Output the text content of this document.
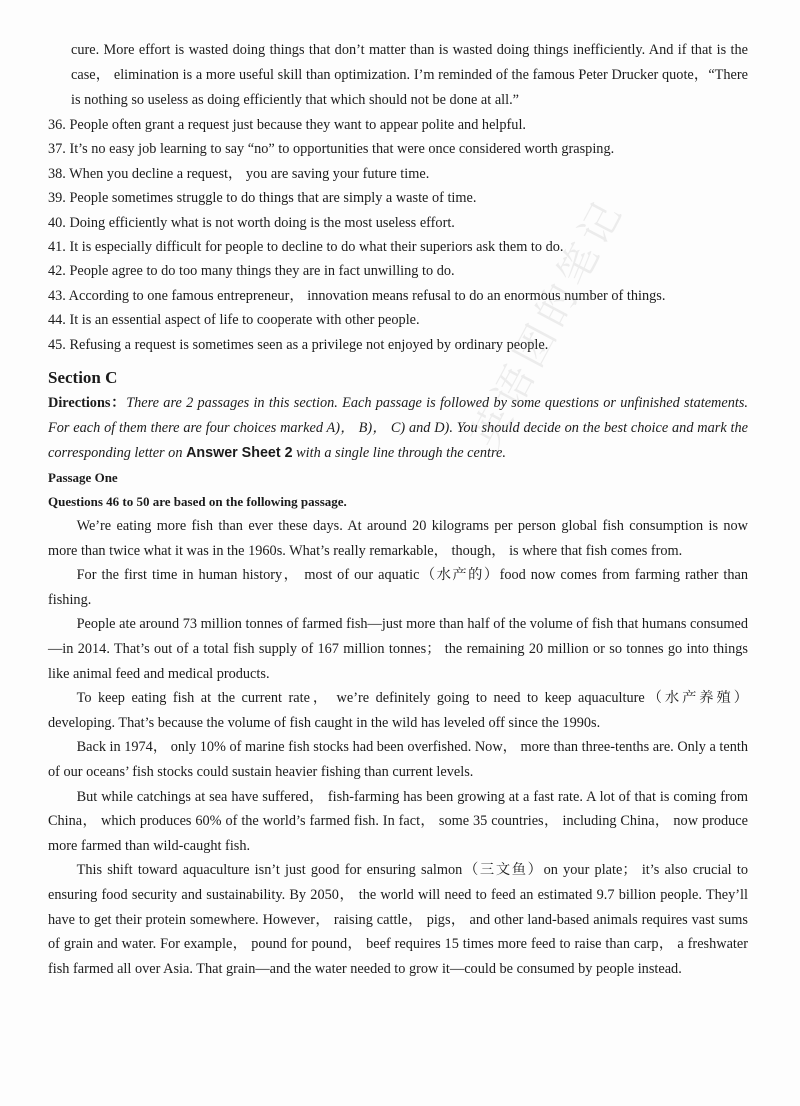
cure. More effort is wasted doing things that don’t matter than is wasted doing things inefficiently. And if that is the case， elimination is a more useful skill than optimization. I’m reminded of the famous Peter Drucker quote，“There is nothing so useless as doing efficiently that which should not be done at all.”

36. People often grant a request just because they want to appear polite and helpful.

37. It’s no easy job learning to say “no” to opportunities that were once considered worth grasping.

38. When you decline a request， you are saving your future time.

39. People sometimes struggle to do things that are simply a waste of time.

40. Doing efficiently what is not worth doing is the most useless effort.

41. It is especially difficult for people to decline to do what their superiors ask them to do.

42. People agree to do too many things they are in fact unwilling to do.

43. According to one famous entrepreneur， innovation means refusal to do an enormous number of things.

44. It is an essential aspect of life to cooperate with other people.

45. Refusing a request is sometimes seen as a privilege not enjoyed by ordinary people.

Section C

Directions：There are 2 passages in this section. Each passage is followed by some questions or unfinished statements. For each of them there are four choices marked A)， B)， C) and D). You should decide on the best choice and mark the corresponding letter on Answer Sheet 2 with a single line through the centre.

Passage One

Questions 46 to 50 are based on the following passage.

We’re eating more fish than ever these days. At around 20 kilograms per person global fish consumption is now more than twice what it was in the 1960s. What’s really remarkable， though， is where that fish comes from.

For the first time in human history， most of our aquatic（水产的）food now comes from farming rather than fishing.

People ate around 73 million tonnes of farmed fish—just more than half of the volume of fish that humans consumed—in 2014. That’s out of a total fish supply of 167 million tonnes； the remaining 20 million or so tonnes go into things like animal feed and medical products.

To keep eating fish at the current rate， we’re definitely going to need to keep aquaculture（水产养殖）developing. That’s because the volume of fish caught in the wild has leveled off since the 1990s.

Back in 1974， only 10% of marine fish stocks had been overfished. Now， more than three-tenths are. Only a tenth of our oceans’ fish stocks could sustain heavier fishing than current levels.

But while catchings at sea have suffered， fish-farming has been growing at a fast rate. A lot of that is coming from China， which produces 60% of the world’s farmed fish. In fact， some 35 countries， including China， now produce more farmed than wild-caught fish.

This shift toward aquaculture isn’t just good for ensuring salmon（三文鱼）on your plate； it’s also crucial to ensuring food security and sustainability. By 2050， the world will need to feed an estimated 9.7 billion people. They’ll have to get their protein somewhere. However， raising cattle， pigs， and other land-based animals requires vast sums of grain and water. For example， pound for pound， beef requires 15 times more feed to raise than carp， a freshwater fish farmed all over Asia. That grain—and the water needed to grow it—could be consumed by people instead.

英语团的笔记
